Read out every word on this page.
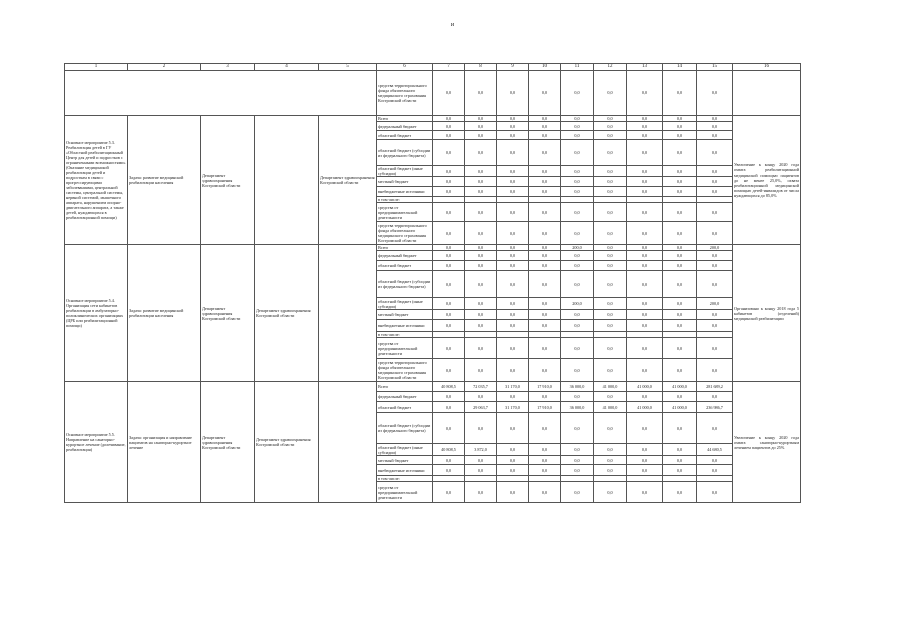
и
1	2	3	4	5	6	7	8	9	10	11	12	13	14	15	16
					средства территориального фонда обязательного медицинского страхования Костромской области	0,0	0,0	0,0	0,0	0,0	0,0	0,0	0,0	0,0	
Основное мероприятие 5.3. Реабилитация детей в ГУ «Областной реабилитационный Центр для детей и подростков с ограниченными возможностями» (Оказание медицинской реабилитации детей и подросткам в связи с прогрессирующими заболеваниями, центральной системы, центральной системы, нервной системой, мышечного аппарата, нарушением опорно-двигательного аппарата, а также детей, нуждающихся в реабилитационной помощи)	Задача: развитие медицинской реабилитации населения	Департамент здравоохранения Костромской области		Департамент здравоохранения Костромской области	Всего	0,0	0,0	0,0	0,0	0,0	0,0	0,0	0,0	0,0	Увеличение к концу 2020 года охвата реабилитационной медицинской помощью пациентов до не менее 25,0%, охвата реабилитационной медицинской помощью детей-инвалидов от числа нуждающихся до 85,0%
					федеральный бюджет	0,0	0,0	0,0	0,0	0,0	0,0	0,0	0,0	0,0	
					областной бюджет	0,0	0,0	0,0	0,0	0,0	0,0	0,0	0,0	0,0	
					областной бюджет (субсидии из федерального бюджета)	0,0	0,0	0,0	0,0	0,0	0,0	0,0	0,0	0,0	
					областной бюджет (иные субсидии)	0,0	0,0	0,0	0,0	0,0	0,0	0,0	0,0	0,0	
					местный бюджет	0,0	0,0	0,0	0,0	0,0	0,0	0,0	0,0	0,0	
					внебюджетные источники	0,0	0,0	0,0	0,0	0,0	0,0	0,0	0,0	0,0	
					в том числе:										
					средства от предпринимательской деятельности	0,0	0,0	0,0	0,0	0,0	0,0	0,0	0,0	0,0	
					средства территориального фонда обязательного медицинского страхования Костромской области	0,0	0,0	0,0	0,0	0,0	0,0	0,0	0,0	0,0	
Основное мероприятие 5.4. Организация сети кабинетов реабилитации в амбулаторно-поликлинических организациях (ЦРБ или реабилитационной помощи)	Задача: развитие медицинской реабилитации населения	Департамент здравоохранения Костромской области	Департамент здравоохранения Костромской области		Всего	0,0	0,0	0,0	0,0	200,0	0,0	0,0	0,0	200,0	Организовано к концу 2018 года 5 кабинетов (отделений) медицинской реабилитации
					федеральный бюджет	0,0	0,0	0,0	0,0	0,0	0,0	0,0	0,0	0,0	
					областной бюджет	0,0	0,0	0,0	0,0	0,0	0,0	0,0	0,0	0,0	
					областной бюджет (субсидии из федерального бюджета)	0,0	0,0	0,0	0,0	0,0	0,0	0,0	0,0	0,0	
					областной бюджет (иные субсидии)	0,0	0,0	0,0	0,0	200,0	0,0	0,0	0,0	200,0	
					местный бюджет	0,0	0,0	0,0	0,0	0,0	0,0	0,0	0,0	0,0	
					внебюджетные источники	0,0	0,0	0,0	0,0	0,0	0,0	0,0	0,0	0,0	
					в том числе:										
					средства от предпринимательской деятельности	0,0	0,0	0,0	0,0	0,0	0,0	0,0	0,0	0,0	
					средства территориального фонда обязательного медицинского страхования Костромской области	0,0	0,0	0,0	0,0	0,0	0,0	0,0	0,0	0,0	
Основное мероприятие 5.5. Направление на санаторно-курортное лечение (долечивание, реабилитация)	Задача: организация и направление пациентов на санаторно-курортное лечение	Департамент здравоохранения Костромской области	Департамент здравоохранения Костромской области		Всего	40 808,5	72 035,7	31 170,0	17 910,0	36 000,0	41 000,0	41 000,0	41 000,0	281 689,2	Увеличение к концу 2020 года охвата санаторно-курортным лечением пациентов до 25%
					федеральный бюджет	0,0	0,0	0,0	0,0	0,0	0,0	0,0	0,0	0,0	
					областной бюджет	0,0	29 063,7	31 170,0	17 910,0	36 000,0	41 000,0	41 000,0	41 000,0	236 986,7	
					областной бюджет (субсидии из федерального бюджета)	0,0	0,0	0,0	0,0	0,0	0,0	0,0	0,0	0,0	
					областной бюджет (иные субсидии)	40 808,5	3 872,0	0,0	0,0	0,0	0,0	0,0	0,0	44 680,5	
					местный бюджет	0,0	0,0	0,0	0,0	0,0	0,0	0,0	0,0	0,0	
					внебюджетные источники	0,0	0,0	0,0	0,0	0,0	0,0	0,0	0,0	0,0	
					в том числе:										
					средства от предпринимательской деятельности	0,0	0,0	0,0	0,0	0,0	0,0	0,0	0,0	0,0	
